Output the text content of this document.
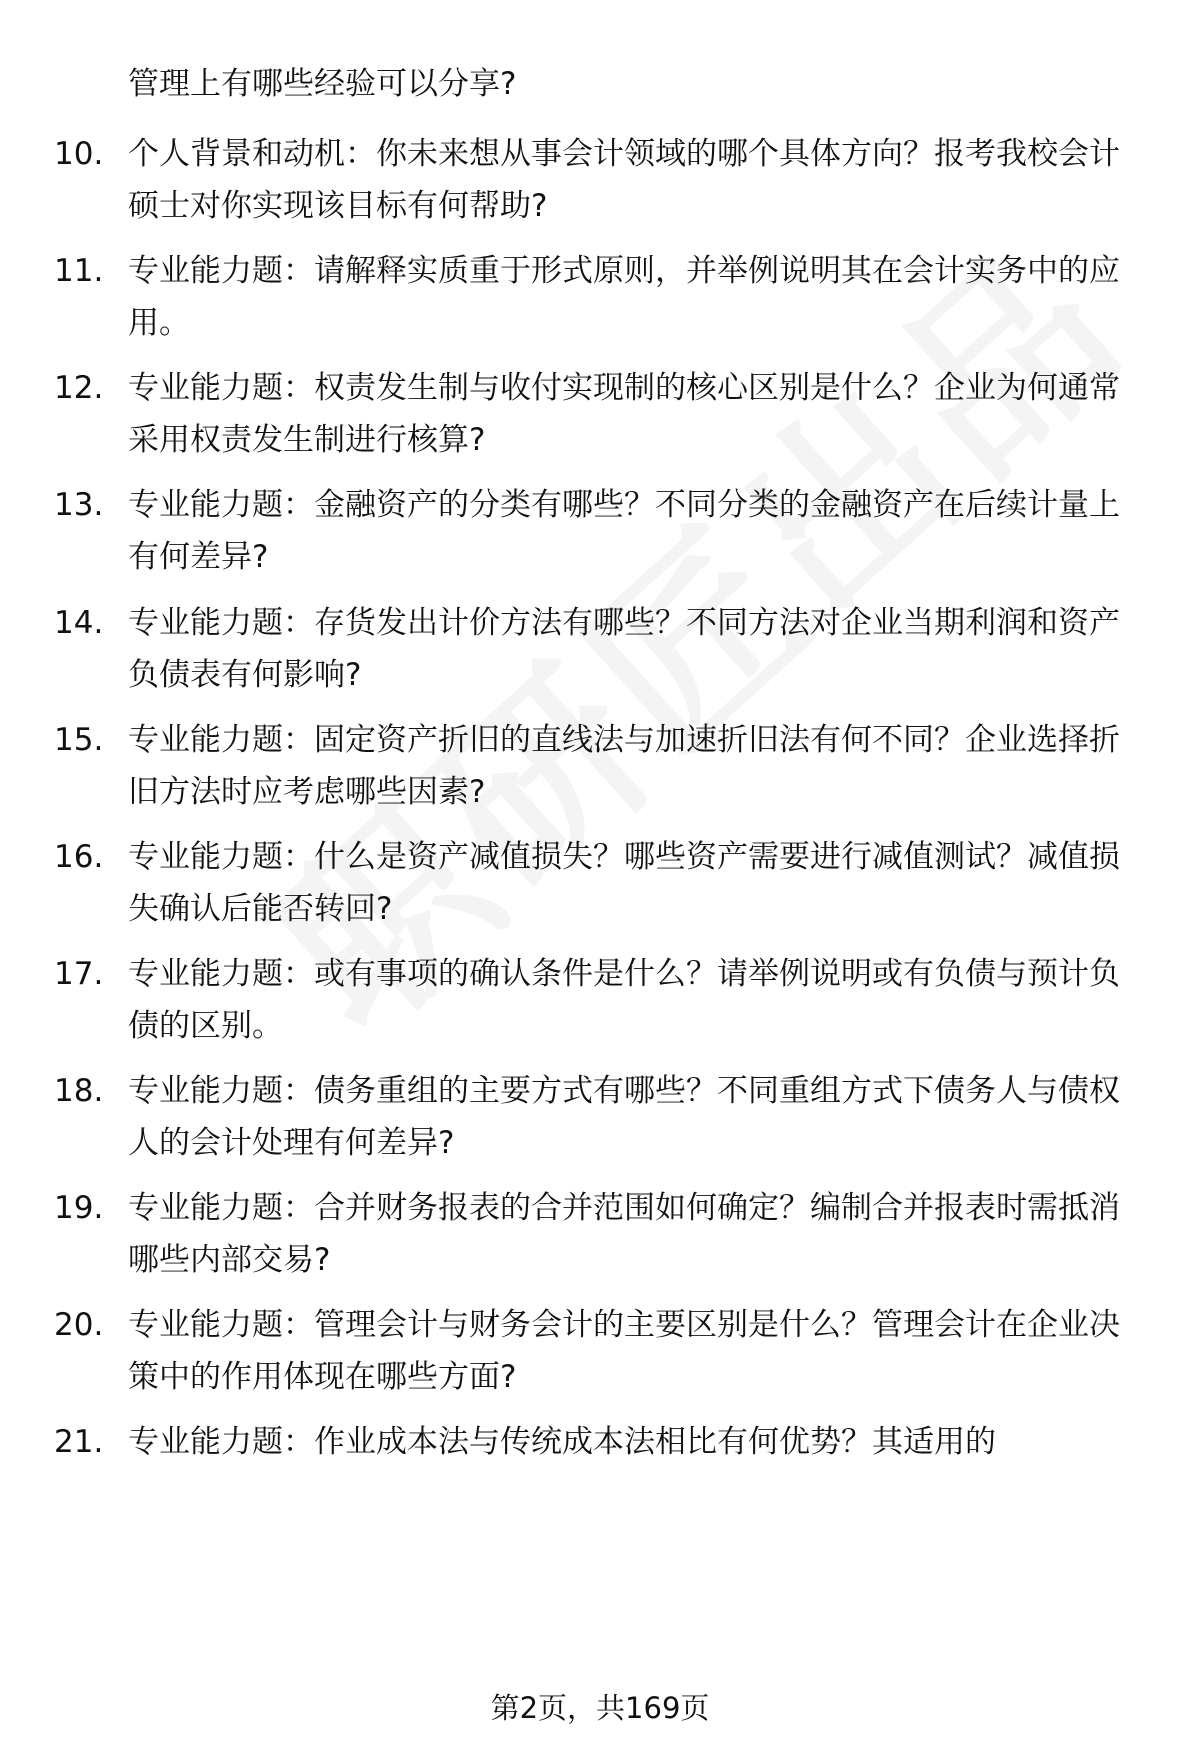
管理上有哪些经验可以分享?

10. 个人背景和动机：你未来想从事会计领域的哪个具体方向？报考我校会计硕士对你实现该目标有何帮助?
11. 专业能力题：请解释实质重于形式原则，并举例说明其在会计实务中的应用。
12. 专业能力题：权责发生制与收付实现制的核心区别是什么？企业为何通常采用权责发生制进行核算?
13. 专业能力题：金融资产的分类有哪些？不同分类的金融资产在后续计量上有何差异?
14. 专业能力题：存货发出计价方法有哪些？不同方法对企业当期利润和资产负债表有何影响?
15. 专业能力题：固定资产折旧的直线法与加速折旧法有何不同？企业选择折旧方法时应考虑哪些因素?
16. 专业能力题：什么是资产减值损失？哪些资产需要进行减值测试？减值损失确认后能否转回?
17. 专业能力题：或有事项的确认条件是什么？请举例说明或有负债与预计负债的区别。
18. 专业能力题：债务重组的主要方式有哪些？不同重组方式下债务人与债权人的会计处理有何差异?
19. 专业能力题：合并财务报表的合并范围如何确定？编制合并报表时需抵消哪些内部交易?
20. 专业能力题：管理会计与财务会计的主要区别是什么？管理会计在企业决策中的作用体现在哪些方面?
21. 专业能力题：作业成本法与传统成本法相比有何优势？其适用的
第2页，共169页
